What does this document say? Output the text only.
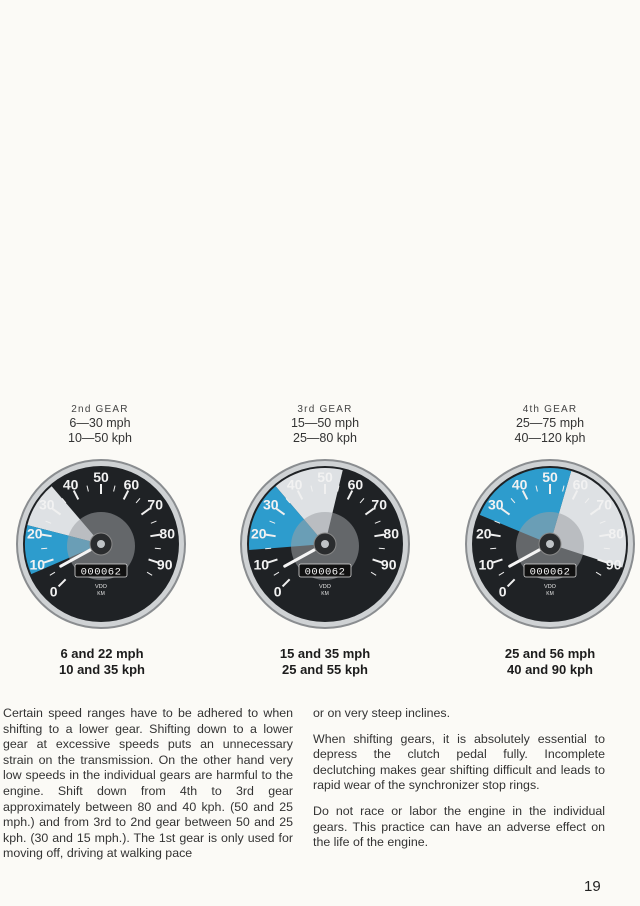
2nd GEAR
6—30 mph
10—50 kph
0
10
20
30
40 50 60
70
80
90
000062
VDO
KM
3rd GEAR
15—50 mph
25—80 kph
0
10
20
30
40 50 60
70
80
90
000062
VDO
KM
4th GEAR
25—75 mph
40—120 kph
0
10
20
30
40 50 60
70
80
90
000062
VDO
KM
6 and 22 mph
10 and 35 kph
15 and 35 mph
25 and 55 kph
25 and 56 mph
40 and 90 kph

Certain speed ranges have to be adhered to when shifting to a lower gear. Shifting down to a lower gear at excessive speeds puts an unnecessary strain on the transmission. On the other hand very low speeds in the individual gears are harmful to the engine. Shift down from 4th to 3rd gear approximately between 80 and 40 kph. (50 and 25 mph.) and from 3rd to 2nd gear between 50 and 25 kph. (30 and 15 mph.). The 1st gear is only used for moving off, driving at walking pace

or on very steep inclines.

When shifting gears, it is absolutely essential to depress the clutch pedal fully. Incomplete declutching makes gear shifting difficult and leads to rapid wear of the synchronizer stop rings.

Do not race or labor the engine in the individual gears. This practice can have an adverse effect on the life of the engine.

19
